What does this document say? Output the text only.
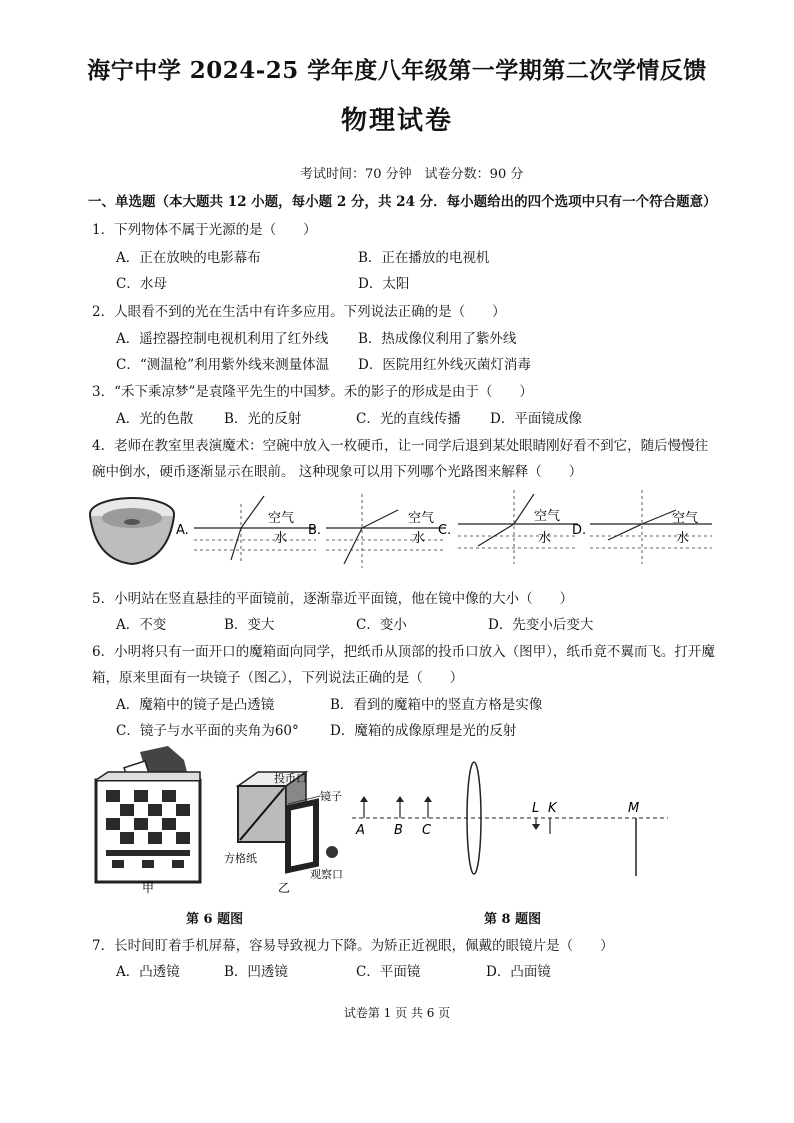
海宁中学 2024-25 学年度八年级第一学期第二次学情反馈
物理试卷
考试时间：70 分钟　试卷分数：90 分
一、单选题（本大题共 12 小题，每小题 2 分，共 24 分．每小题给出的四个选项中只有一个符合题意）
1．下列物体不属于光源的是（　　）
A．正在放映的电影幕布	B．正在播放的电视机
C．水母	D．太阳
2．人眼看不到的光在生活中有许多应用。下列说法正确的是（　　）
A．遥控器控制电视机利用了红外线 B．热成像仪利用了紫外线
C．“测温枪”利用紫外线来测量体温 D．医院用红外线灭菌灯消毒
3．“禾下乘凉梦”是袁隆平先生的中国梦。禾的影子的形成是由于（　　）
A．光的色散 B．光的反射	C．光的直线传播 D．平面镜成像
4．老师在教室里表演魔术：空碗中放入一枚硬币，让一同学后退到某处眼睛刚好看不到它，随后慢慢往
碗中倒水，硬币逐渐显示在眼前。 这种现象可以用下列哪个光路图来解释（　　）
A.
空气
水
B.
空气
水
C.
空气
水
D.
空气
水
5．小明站在竖直悬挂的平面镜前，逐渐靠近平面镜，他在镜中像的大小（　　）
A．不变	B．变大	C．变小	D．先变小后变大
6．小明将只有一面开口的魔箱面向同学，把纸币从顶部的投币口放入（图甲），纸币竟不翼而飞。打开魔
箱，原来里面有一块镜子（图乙），下列说法正确的是（　　）
A．魔箱中的镜子是凸透镜	B．看到的魔箱中的竖直方格是实像
C．镜子与水平面的夹角为60° D．魔箱的成像原理是光的反射
甲
投币口
镜子
方格纸
观察口
乙
A B C
L K	M
第 6 题图	第 8 题图
7．长时间盯着手机屏幕，容易导致视力下降。为矫正近视眼，佩戴的眼镜片是（　　）
A．凸透镜	B．凹透镜	C．平面镜	D．凸面镜
试卷第 1 页 共 6 页
